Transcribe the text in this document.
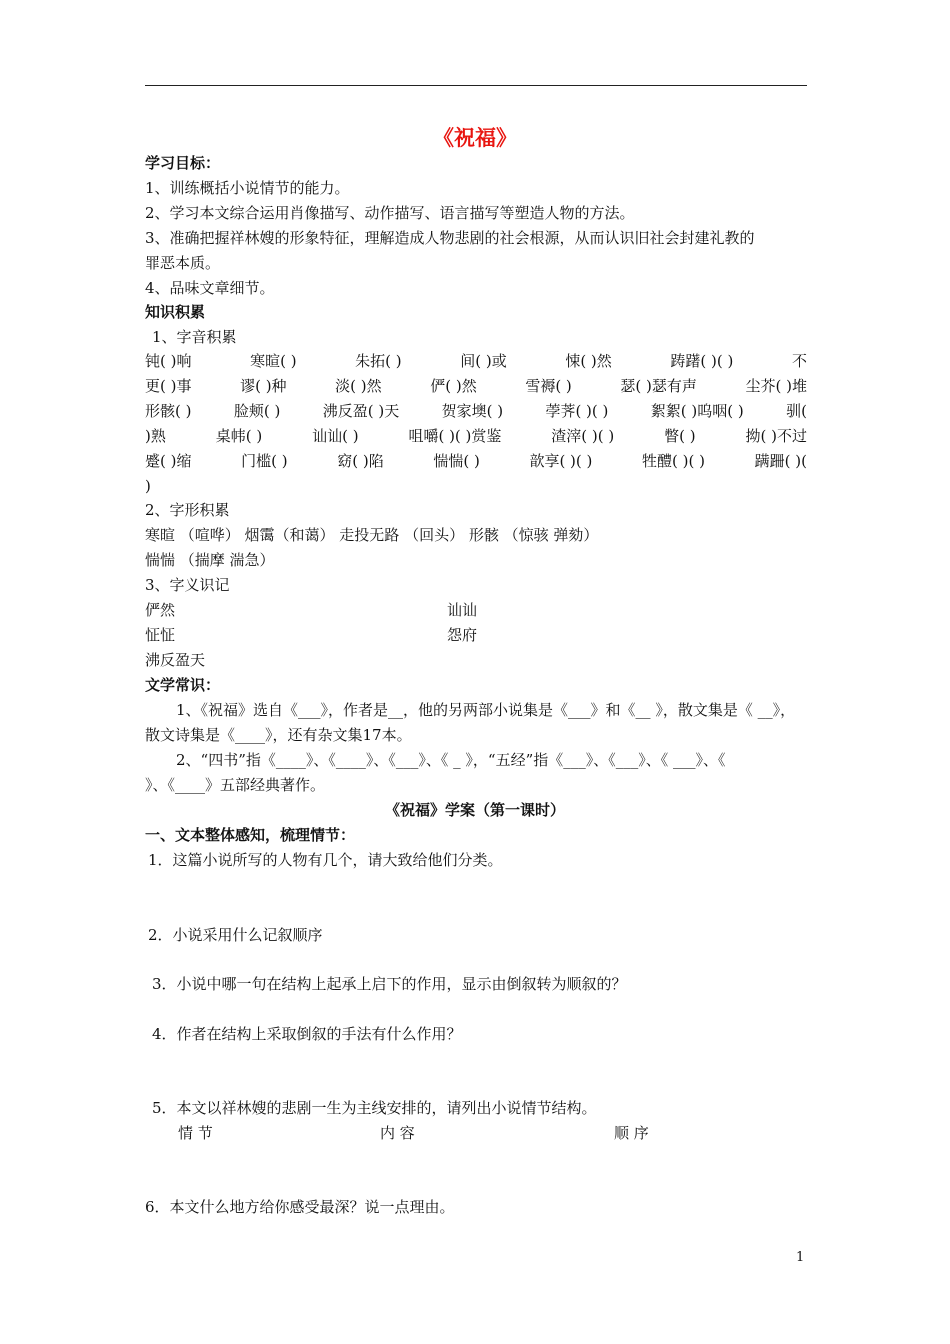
《祝福》
学习目标：
1、训练概括小说情节的能力。
2、学习本文综合运用肖像描写、动作描写、语言描写等塑造人物的方法。
3、准确把握祥林嫂的形象特征，理解造成人物悲剧的社会根源，从而认识旧社会封建礼教的
罪恶本质。
4、品味文章细节。
知识积累
1、字音积累
钝( )响	寒暄( )	朱拓( )	间( )或	悚( )然	踌躇( )( )	不
更( )事	谬( )种	淡( )然	俨( )然	雪褥( )	瑟( )瑟有声	尘芥( )堆
形骸( )	脸颊( )	沸反盈( )天	贺家墺( )	荸荠( )( )	絮絮( )呜咽( )	驯(
)熟	桌帏( )	讪讪( )	咀嚼( )( )赏鉴	渣滓( )( )	瞥( )	拗( )不过
蹙( )缩	门槛( )	窈( )陷	惴惴( )	歆享( )( )	牲醴( )( )	蹒跚( )(
)
2、字形积累
寒暄 （喧哗） 烟霭（和蔼） 走投无路 （回头） 形骸 （惊骇 弹劾）
惴惴 （揣摩 湍急）
3、字义识记
俨然	讪讪
怔怔	怨府
沸反盈天
文学常识：
1、《祝福》选自《___》，作者是__，他的另两部小说集是《___》和《__ 》，散文集是《 __》，
散文诗集是《____》，还有杂文集17本。
2、“四书”指《____》、《____》、《___》、《 _ 》，“五经”指《___》、《___》、《 ___》、《
》、《____》五部经典著作。
《祝福》学案（第一课时）
一、文本整体感知，梳理情节：
1．这篇小说所写的人物有几个，请大致给他们分类。
2．小说采用什么记叙顺序
3．小说中哪一句在结构上起承上启下的作用，显示由倒叙转为顺叙的？
4．作者在结构上采取倒叙的手法有什么作用？
5．本文以祥林嫂的悲剧一生为主线安排的，请列出小说情节结构。
情 节	内 容	顺 序
6．本文什么地方给你感受最深？说一点理由。
1
